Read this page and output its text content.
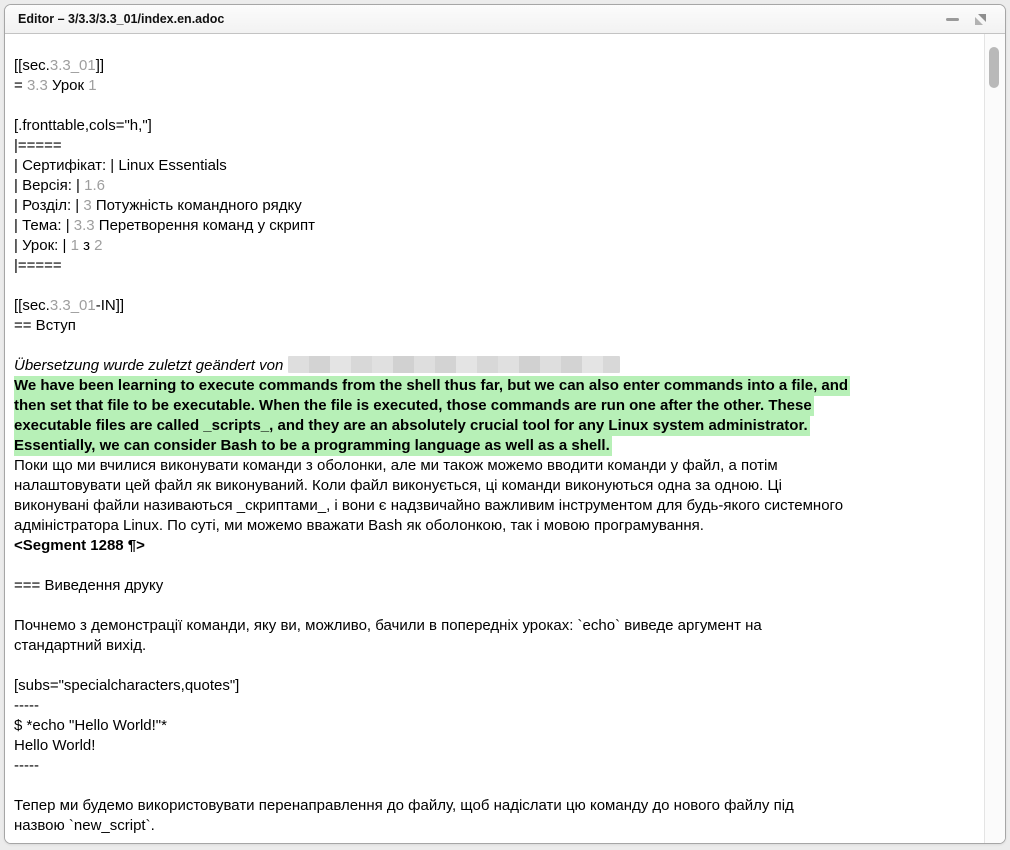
Editor – 3/3.3/3.3_01/index.en.adoc
[[sec.3.3_01]]
= 3.3 Урок 1

[.fronttable,cols="h,"]
|=====
| Сертифікат: | Linux Essentials
| Версія: | 1.6
| Розділ: | 3 Потужність командного рядку
| Тема: | 3.3 Перетворення команд у скрипт
| Урок: | 1 з 2
|=====

[[sec.3.3_01-IN]]
== Вступ

Übersetzung wurde zuletzt geändert von
We have been learning to execute commands from the shell thus far, but we can also enter commands into a file, and
then set that file to be executable. When the file is executed, those commands are run one after the other. These
executable files are called _scripts_, and they are an absolutely crucial tool for any Linux system administrator.
Essentially, we can consider Bash to be a programming language as well as a shell.
Поки що ми вчилися виконувати команди з оболонки, але ми також можемо вводити команди у файл, а потім
налаштовувати цей файл як виконуваний. Коли файл виконується, ці команди виконуються одна за одною. Ці
виконувані файли називаються _скриптами_, і вони є надзвичайно важливим інструментом для будь-якого системного
адміністратора Linux. По суті, ми можемо вважати Bash як оболонкою, так і мовою програмування.
<Segment 1288 ¶>

=== Виведення друку

Почнемо з демонстрації команди, яку ви, можливо, бачили в попередніх уроках: `echo` виведе аргумент на
стандартний вихід.

[subs="specialcharacters,quotes"]
-----
$ *echo "Hello World!"*
Hello World!
-----

Тепер ми будемо використовувати перенаправлення до файлу, щоб надіслати цю команду до нового файлу під
назвою `new_script`.
